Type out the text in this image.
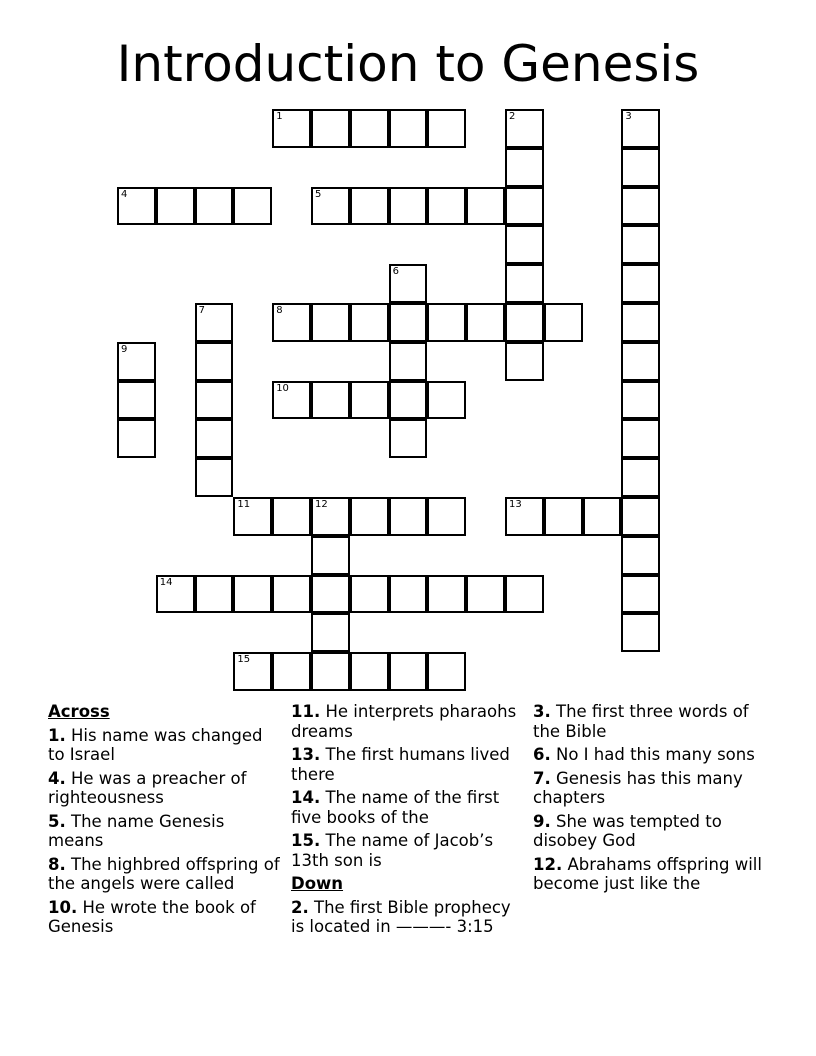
Introduction to Genesis
1	2	3
4	5
6
7	8
9
10
11	12	13
14
15
Across
1. His name was changed to Israel
4. He was a preacher of righteousness
5. The name Genesis means
8. The highbred offspring of the angels were called
10. He wrote the book of Genesis
11. He interprets pharaohs dreams
13. The first humans lived there
14. The name of the first five books of the
15. The name of Jacob’s 13th son is
Down
2. The first Bible prophecy is located in ———- 3:15
3. The first three words of the Bible
6. No I had this many sons
7. Genesis has this many chapters
9. She was tempted to disobey God
12. Abrahams offspring will become just like the
